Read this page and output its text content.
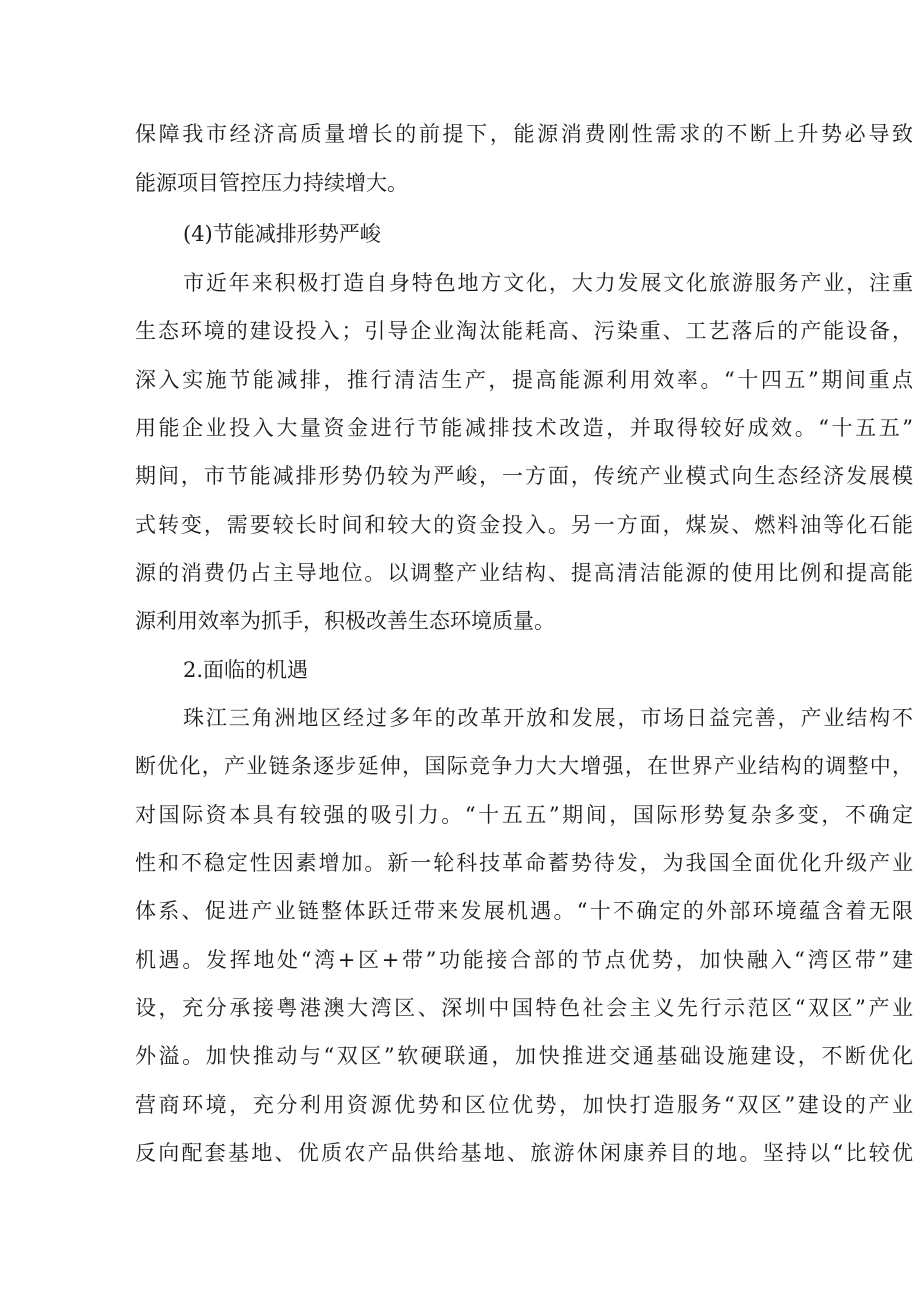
保障我市经济高质量增长的前提下，能源消费刚性需求的不断上升势必导致
能源项目管控压力持续增大。
(4)节能减排形势严峻
市近年来积极打造自身特色地方文化，大力发展文化旅游服务产业，注重
生态环境的建设投入；引导企业淘汰能耗高、污染重、工艺落后的产能设备，
深入实施节能减排，推行清洁生产，提高能源利用效率。“十四五”期间重点
用能企业投入大量资金进行节能减排技术改造，并取得较好成效。“十五五”
期间，市节能减排形势仍较为严峻，一方面，传统产业模式向生态经济发展模
式转变，需要较长时间和较大的资金投入。另一方面，煤炭、燃料油等化石能
源的消费仍占主导地位。以调整产业结构、提高清洁能源的使用比例和提高能
源利用效率为抓手，积极改善生态环境质量。
2.面临的机遇
珠江三角洲地区经过多年的改革开放和发展，市场日益完善，产业结构不
断优化，产业链条逐步延伸，国际竞争力大大增强，在世界产业结构的调整中，
对国际资本具有较强的吸引力。“十五五”期间，国际形势复杂多变，不确定
性和不稳定性因素增加。新一轮科技革命蓄势待发，为我国全面优化升级产业
体系、促进产业链整体跃迁带来发展机遇。“十不确定的外部环境蕴含着无限
机遇。发挥地处“湾+区+带”功能接合部的节点优势，加快融入“湾区带”建
设，充分承接粤港澳大湾区、深圳中国特色社会主义先行示范区“双区”产业
外溢。加快推动与“双区”软硬联通，加快推进交通基础设施建设，不断优化
营商环境，充分利用资源优势和区位优势，加快打造服务“双区”建设的产业
反向配套基地、优质农产品供给基地、旅游休闲康养目的地。坚持以“比较优
